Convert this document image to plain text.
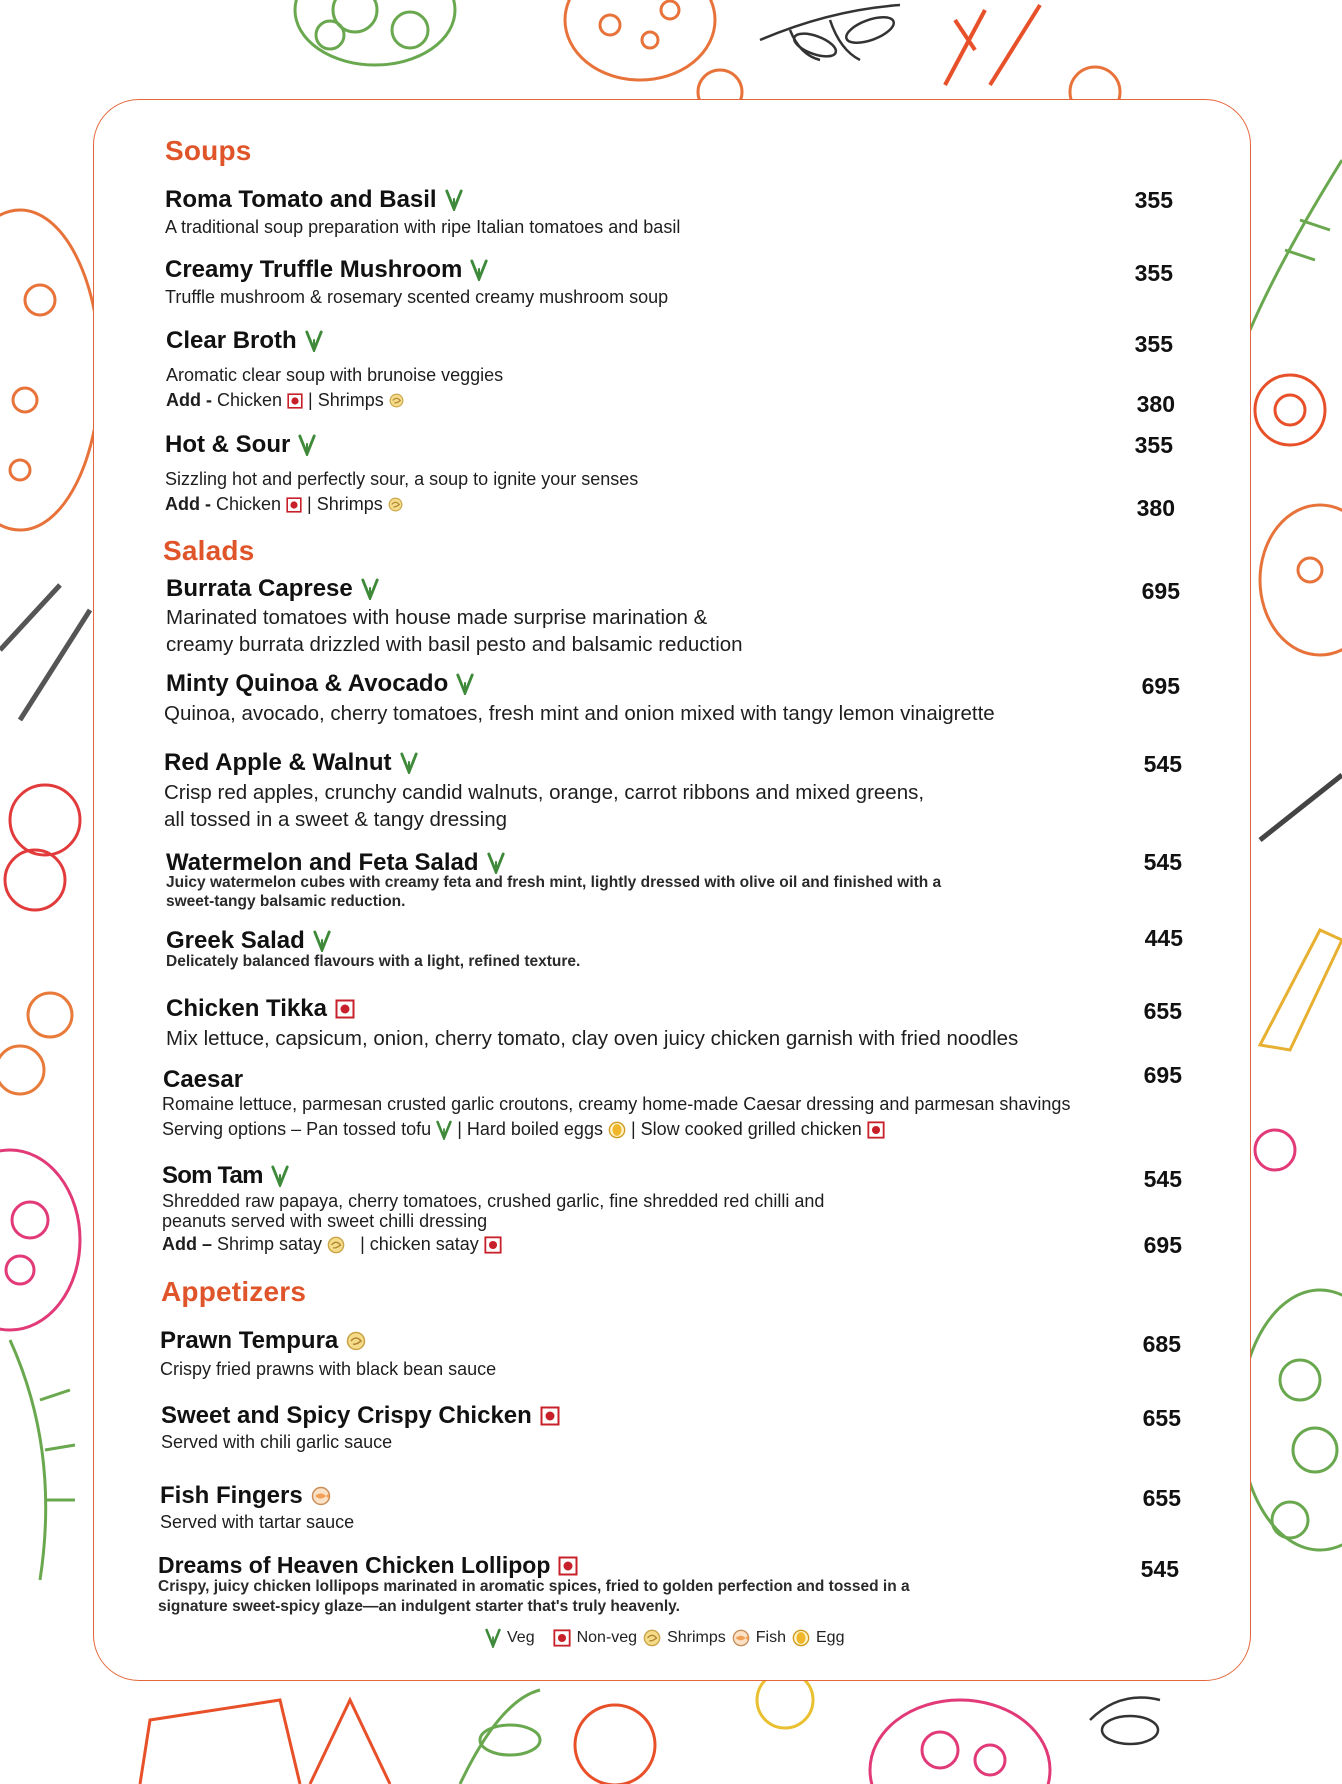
Soups
Roma Tomato and Basil
A traditional soup preparation with ripe Italian tomatoes and basil
355
Creamy Truffle Mushroom
Truffle mushroom & rosemary scented creamy mushroom soup
355
Clear Broth
Aromatic clear soup with brunoise veggies
355
Add - Chicken | Shrimps	380
Hot & Sour
Sizzling hot and perfectly sour, a soup to ignite your senses
355
Add - Chicken | Shrimps	380
Salads
Burrata Caprese
Marinated tomatoes with house made surprise marination &
creamy burrata drizzled with basil pesto and balsamic reduction
695
Minty Quinoa & Avocado
Quinoa, avocado, cherry tomatoes, fresh mint and onion mixed with tangy lemon vinaigrette
695
Red Apple & Walnut
Crisp red apples, crunchy candid walnuts, orange, carrot ribbons and mixed greens,
all tossed in a sweet & tangy dressing
545
Watermelon and Feta Salad
Juicy watermelon cubes with creamy feta and fresh mint, lightly dressed with olive oil and finished with a
sweet-tangy balsamic reduction.
545
Greek Salad
Delicately balanced flavours with a light, refined texture.
445
Chicken Tikka
Mix lettuce, capsicum, onion, cherry tomato, clay oven juicy chicken garnish with fried noodles
655
Caesar
Romaine lettuce, parmesan crusted garlic croutons, creamy home-made Caesar dressing and parmesan shavings
Serving options – Pan tossed tofu | Hard boiled eggs | Slow cooked grilled chicken
695
Som Tam
Shredded raw papaya, cherry tomatoes, crushed garlic, fine shredded red chilli and
peanuts served with sweet chilli dressing
Add – Shrimp satay | chicken satay
545
695
Appetizers
Prawn Tempura
Crispy fried prawns with black bean sauce
685
Sweet and Spicy Crispy Chicken
Served with chili garlic sauce
655
Fish Fingers
Served with tartar sauce
655
Dreams of Heaven Chicken Lollipop
Crispy, juicy chicken lollipops marinated in aromatic spices, fried to golden perfection and tossed in a
signature sweet-spicy glaze—an indulgent starter that's truly heavenly.
545
Veg	Non-veg Shrimps Fish Egg
